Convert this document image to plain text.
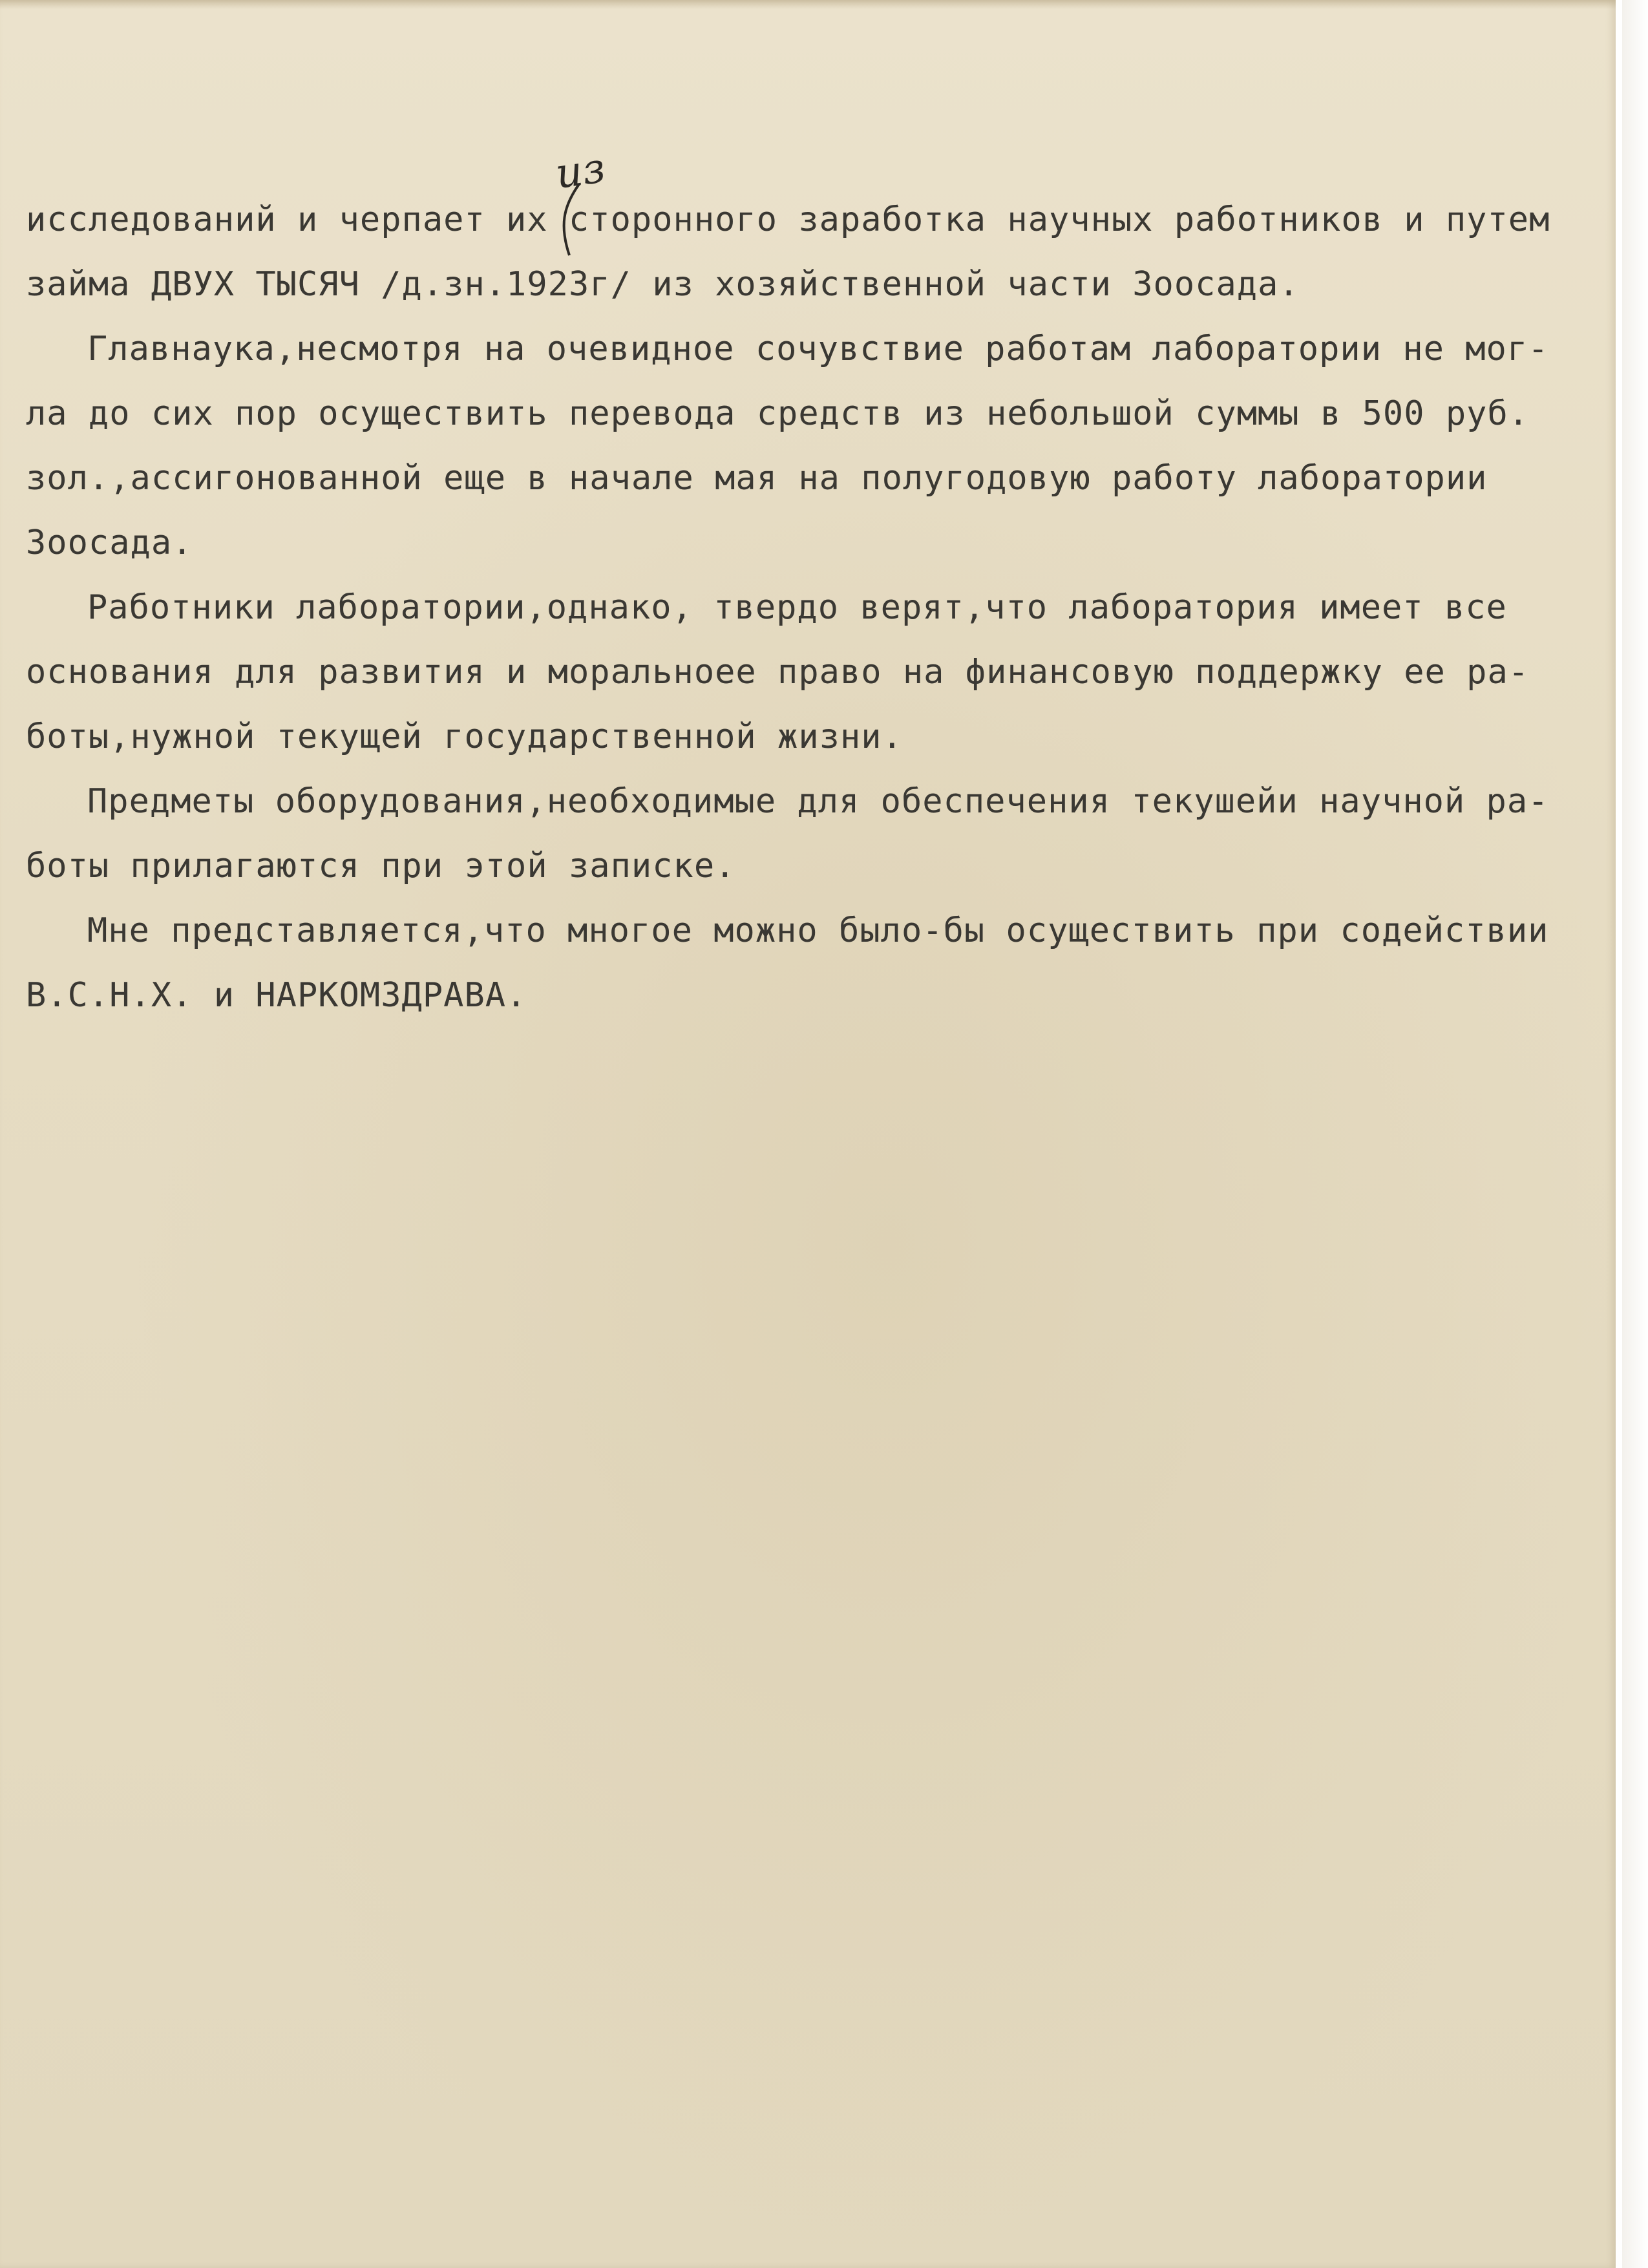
из
исследований и черпает их сторонного заработка научных работников и путем
займа ДВУХ ТЫСЯЧ /д.зн.1923г/ из хозяйственной части Зоосада.
Главнаука,несмотря на очевидное сочувствие работам лаборатории не мог-
ла до сих пор осуществить перевода средств из небольшой суммы в 500 руб.
зол.,ассигонованной еще в начале мая на полугодовую работу лаборатории
Зоосада.
Работники лаборатории,однако, твердо верят,что лаборатория имеет все
основания для развития и моральноее право на финансовую поддержку ее ра-
боты,нужной текущей государственной жизни.
Предметы оборудования,необходимые для обеспечения текушейи научной ра-
боты прилагаются при этой записке.
Мне представляется,что многое можно было-бы осуществить при содействии
В.С.Н.Х. и НАРКОМЗДРАВА.
